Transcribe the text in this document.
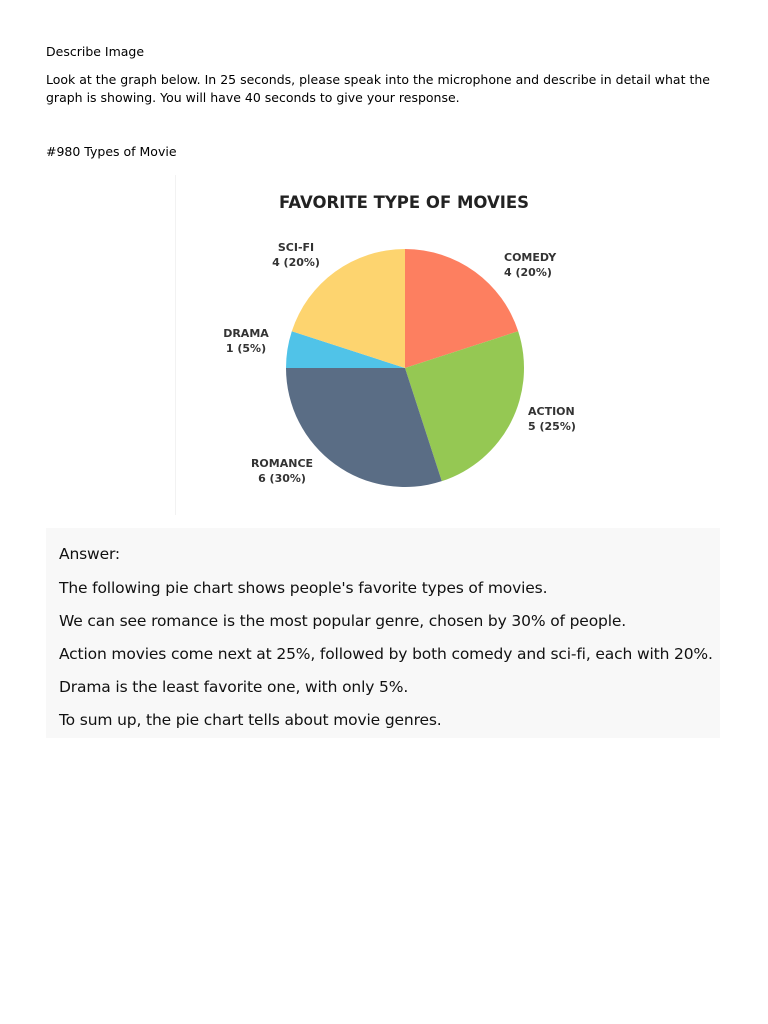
Describe Image

Look at the graph below. In 25 seconds, please speak into the microphone and describe in detail what the graph is showing. You will have 40 seconds to give your response.

#980 Types of Movie

FAVORITE TYPE OF MOVIES
COMEDY
4 (20%)
ACTION
5 (25%)
ROMANCE
6 (30%)
DRAMA
1 (5%)
SCI-FI
4 (20%)

Answer:

The following pie chart shows people's favorite types of movies.

We can see romance is the most popular genre, chosen by 30% of people.

Action movies come next at 25%, followed by both comedy and sci-fi, each with 20%.

Drama is the least favorite one, with only 5%.

To sum up, the pie chart tells about movie genres.
